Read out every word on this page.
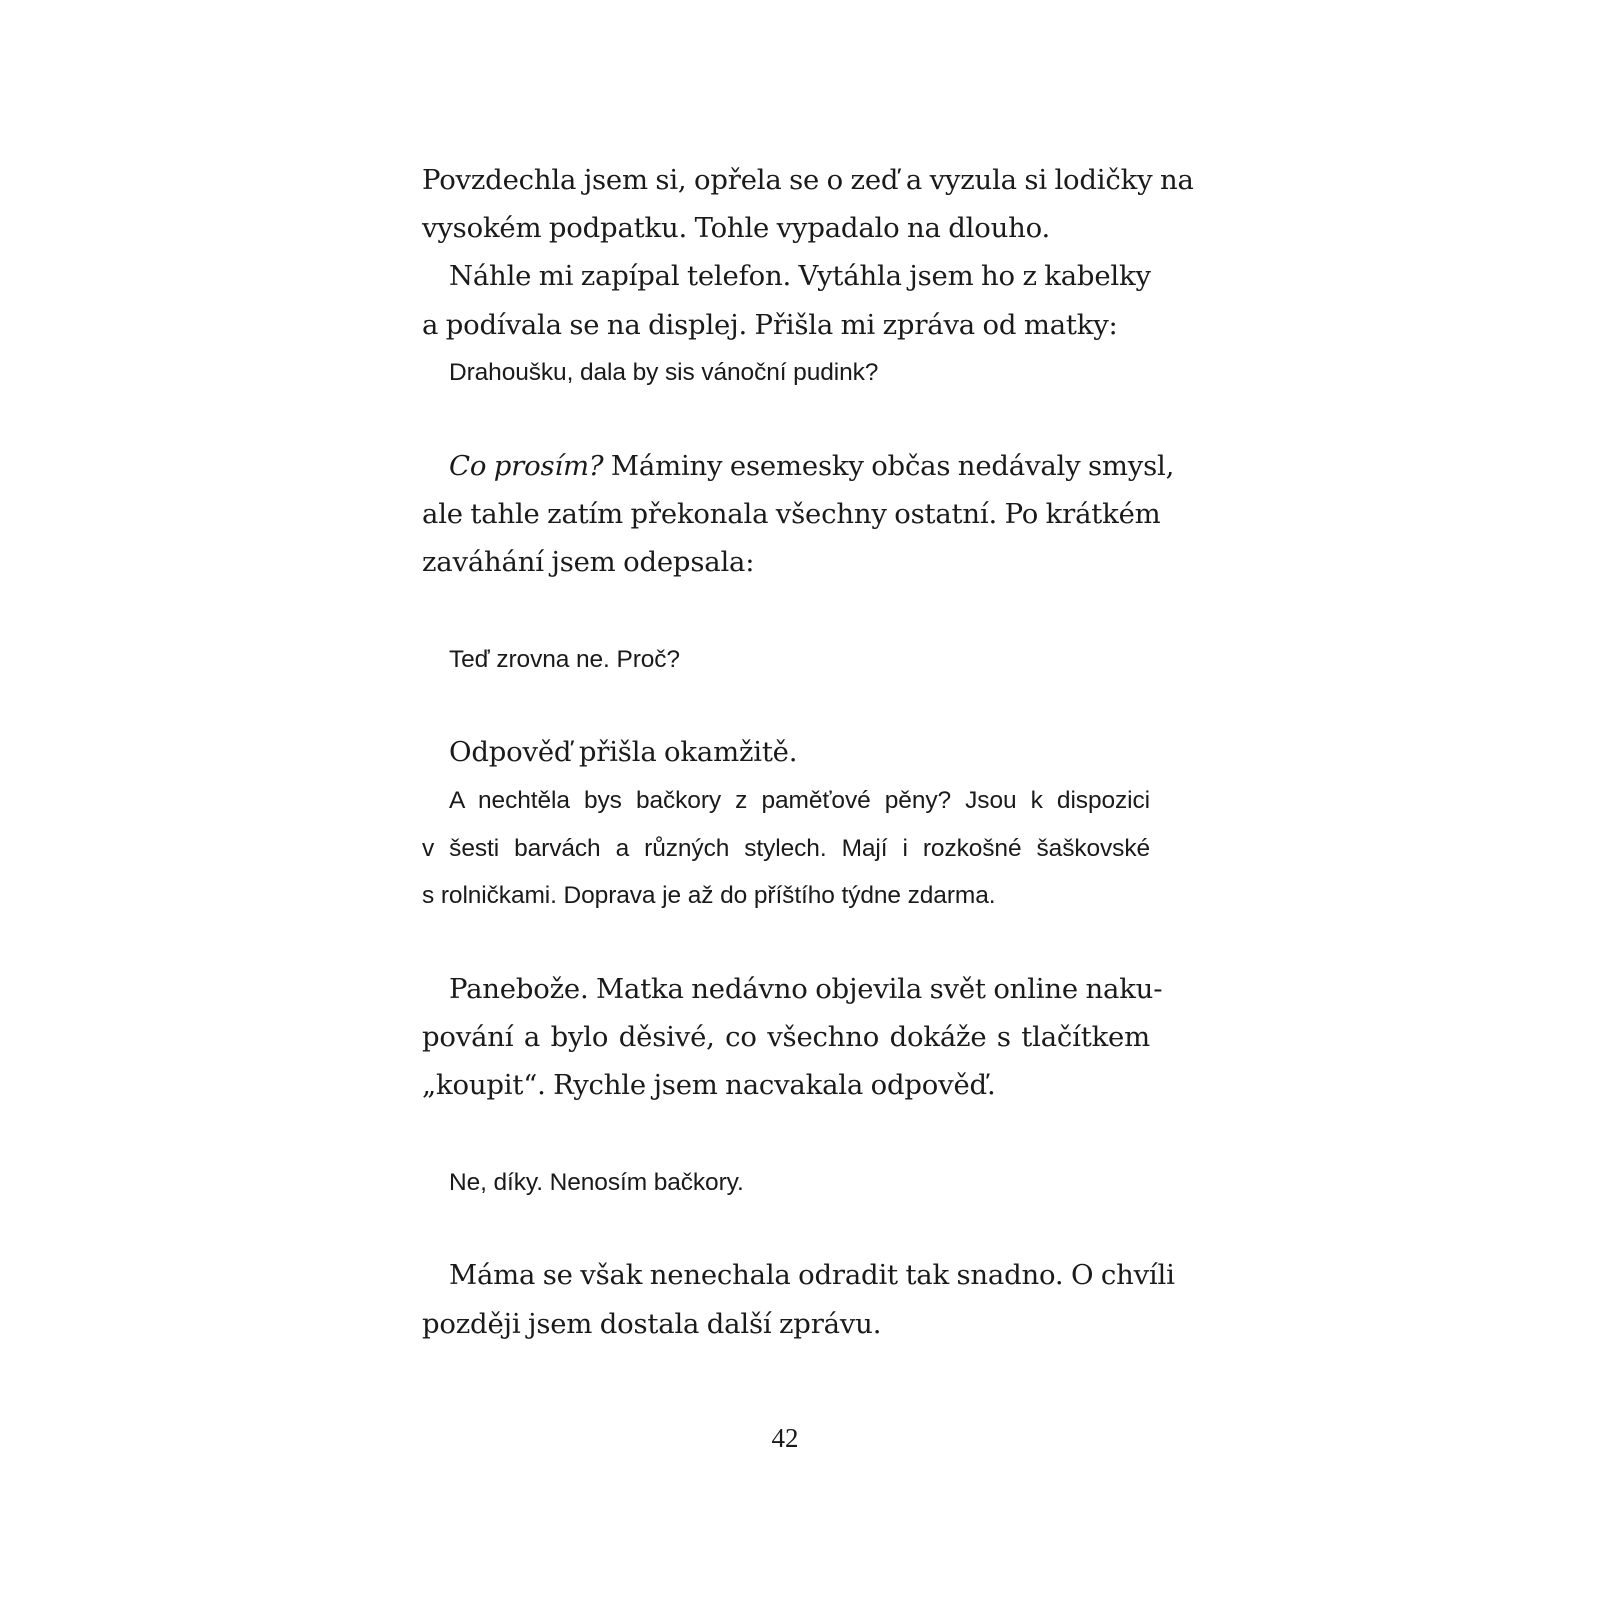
Povzdechla jsem si, opřela se o zeď a vyzula si lodičky na

vysokém podpatku. Tohle vypadalo na dlouho.

Náhle mi zapípal telefon. Vytáhla jsem ho z kabelky

a podívala se na displej. Přišla mi zpráva od matky:

Drahoušku, dala by sis vánoční pudink?

Co prosím? Máminy esemesky občas nedávaly smysl,

ale tahle zatím překonala všechny ostatní. Po krátkém

zaváhání jsem odepsala:

Teď zrovna ne. Proč?

Odpověď přišla okamžitě.

A nechtěla bys bačkory z paměťové pěny? Jsou k dispozici

v šesti barvách a různých stylech. Mají i rozkošné šaškovské

s rolničkami. Doprava je až do příštího týdne zdarma.

Panebože. Matka nedávno objevila svět online naku-

pování a bylo děsivé, co všechno dokáže s tlačítkem

„koupit“. Rychle jsem nacvakala odpověď.

Ne, díky. Nenosím bačkory.

Máma se však nenechala odradit tak snadno. O chvíli

později jsem dostala další zprávu.

42
